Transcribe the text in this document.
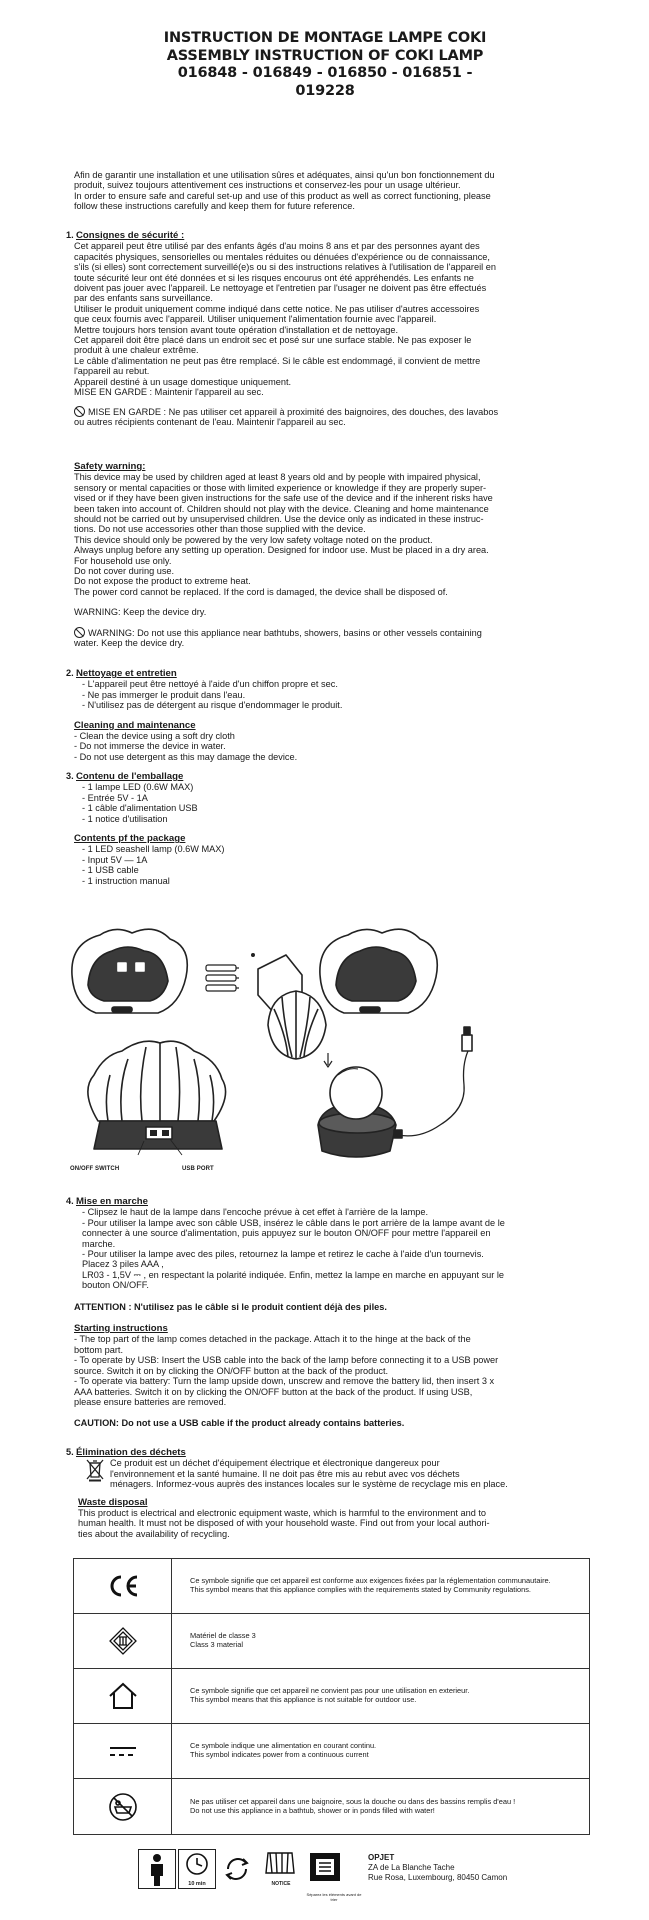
INSTRUCTION DE MONTAGE LAMPE COKI
ASSEMBLY INSTRUCTION OF COKI LAMP
016848 - 016849 - 016850 - 016851 -
019228
Afin de garantir une installation et une utilisation sûres et adéquates, ainsi qu'un bon fonctionnement du
produit, suivez toujours attentivement ces instructions et conservez-les pour un usage ultérieur.
In order to ensure safe and careful set-up and use of this product as well as correct functioning, please
follow these instructions carefully and keep them for future reference.
1. Consignes de sécurité :
Cet appareil peut être utilisé par des enfants âgés d'au moins 8 ans et par des personnes ayant des
capacités physiques, sensorielles ou mentales réduites ou dénuées d'expérience ou de connaissance,
s'ils (si elles) sont correctement surveillé(e)s ou si des instructions relatives à l'utilisation de l'appareil en
toute sécurité leur ont été données et si les risques encourus ont été appréhendés. Les enfants ne
doivent pas jouer avec l'appareil. Le nettoyage et l'entretien par l'usager ne doivent pas être effectués
par des enfants sans surveillance.
Utiliser le produit uniquement comme indiqué dans cette notice. Ne pas utiliser d'autres accessoires
que ceux fournis avec l'appareil. Utiliser uniquement l'alimentation fournie avec l'appareil.
Mettre toujours hors tension avant toute opération d'installation et de nettoyage.
Cet appareil doit être placé dans un endroit sec et posé sur une surface stable. Ne pas exposer le
produit à une chaleur extrême.
Le câble d'alimentation ne peut pas être remplacé. Si le câble est endommagé, il convient de mettre
l'appareil au rebut.
Appareil destiné à un usage domestique uniquement.
MISE EN GARDE : Maintenir l'appareil au sec.
MISE EN GARDE : Ne pas utiliser cet appareil à proximité des baignoires, des douches, des lavabos
ou autres récipients contenant de l'eau. Maintenir l'appareil au sec.
Safety warning:
This device may be used by children aged at least 8 years old and by people with impaired physical,
sensory or mental capacities or those with limited experience or knowledge if they are properly super-
vised or if they have been given instructions for the safe use of the device and if the inherent risks have
been taken into account of. Children should not play with the device. Cleaning and home maintenance
should not be carried out by unsupervised children. Use the device only as indicated in these instruc-
tions. Do not use accessories other than those supplied with the device.
This device should only be powered by the very low safety voltage noted on the product.
Always unplug before any setting up operation. Designed for indoor use. Must be placed in a dry area.
For household use only.
Do not cover during use.
Do not expose the product to extreme heat.
The power cord cannot be replaced. If the cord is damaged, the device shall be disposed of.
WARNING: Keep the device dry.
WARNING: Do not use this appliance near bathtubs, showers, basins or other vessels containing
water. Keep the device dry.
2. Nettoyage et entretien
- L'appareil peut être nettoyé à l'aide d'un chiffon propre et sec.
- Ne pas immerger le produit dans l'eau.
- N'utilisez pas de détergent au risque d'endommager le produit.
Cleaning and maintenance
- Clean the device using a soft dry cloth
- Do not immerse the device in water.
- Do not use detergent as this may damage the device.
3. Contenu de l'emballage
- 1 lampe LED (0.6W MAX)
- Entrée 5V - 1A
- 1 câble d'alimentation USB
- 1 notice d'utilisation
Contents pf the package
- 1 LED seashell lamp (0.6W MAX)
- Input 5V — 1A
- 1 USB cable
- 1 instruction manual
ON/OFF SWITCH	USB PORT
4. Mise en marche
- Clipsez le haut de la lampe dans l'encoche prévue à cet effet à l'arrière de la lampe.
- Pour utiliser la lampe avec son câble USB, insérez le câble dans le port arrière de la lampe avant de le
connecter à une source d'alimentation, puis appuyez sur le bouton ON/OFF pour mettre l'appareil en
marche.
- Pour utiliser la lampe avec des piles, retournez la lampe et retirez le cache à l'aide d'un tournevis.
Placez 3 piles AAA ,
LR03 - 1,5V ⎓ , en respectant la polarité indiquée. Enfin, mettez la lampe en marche en appuyant sur le
bouton ON/OFF.
ATTENTION : N'utilisez pas le câble si le produit contient déjà des piles.
Starting instructions
- The top part of the lamp comes detached in the package. Attach it to the hinge at the back of the
bottom part.
- To operate by USB: Insert the USB cable into the back of the lamp before connecting it to a USB power
source. Switch it on by clicking the ON/OFF button at the back of the product.
- To operate via battery: Turn the lamp upside down, unscrew and remove the battery lid, then insert 3 x
AAA batteries. Switch it on by clicking the ON/OFF button at the back of the product. If using USB,
please ensure batteries are removed.
CAUTION: Do not use a USB cable if the product already contains batteries.
5. Élimination des déchets
Ce produit est un déchet d'équipement électrique et électronique dangereux pour
l'environnement et la santé humaine. Il ne doit pas être mis au rebut avec vos déchets
ménagers. Informez-vous auprès des instances locales sur le système de recyclage mis en place.
Waste disposal
This product is electrical and electronic equipment waste, which is harmful to the environment and to
human health. It must not be disposed of with your household waste. Find out from your local authori-
ties about the availability of recycling.
Ce symbole signifie que cet appareil est conforme aux exigences fixées par la réglementation communautaire.
This symbol means that this appliance complies with the requirements stated by Community regulations.
Matériel de classe 3
Class 3 material
Ce symbole signifie que cet appareil ne convient pas pour une utilisation en exterieur.
This symbol means that this appliance is not suitable for outdoor use.
Ce symbole indique une alimentation en courant continu.
This symbol indicates power from a continuous current
Ne pas utiliser cet appareil dans une baignoire, sous la douche ou dans des bassins remplis d'eau !
Do not use this appliance in a bathtub, shower or in ponds filled with water!
10 min	NOTICE
Séparez les éléments avant de trier
OPJET
ZA de La Blanche Tache
Rue Rosa, Luxembourg, 80450 Camon
